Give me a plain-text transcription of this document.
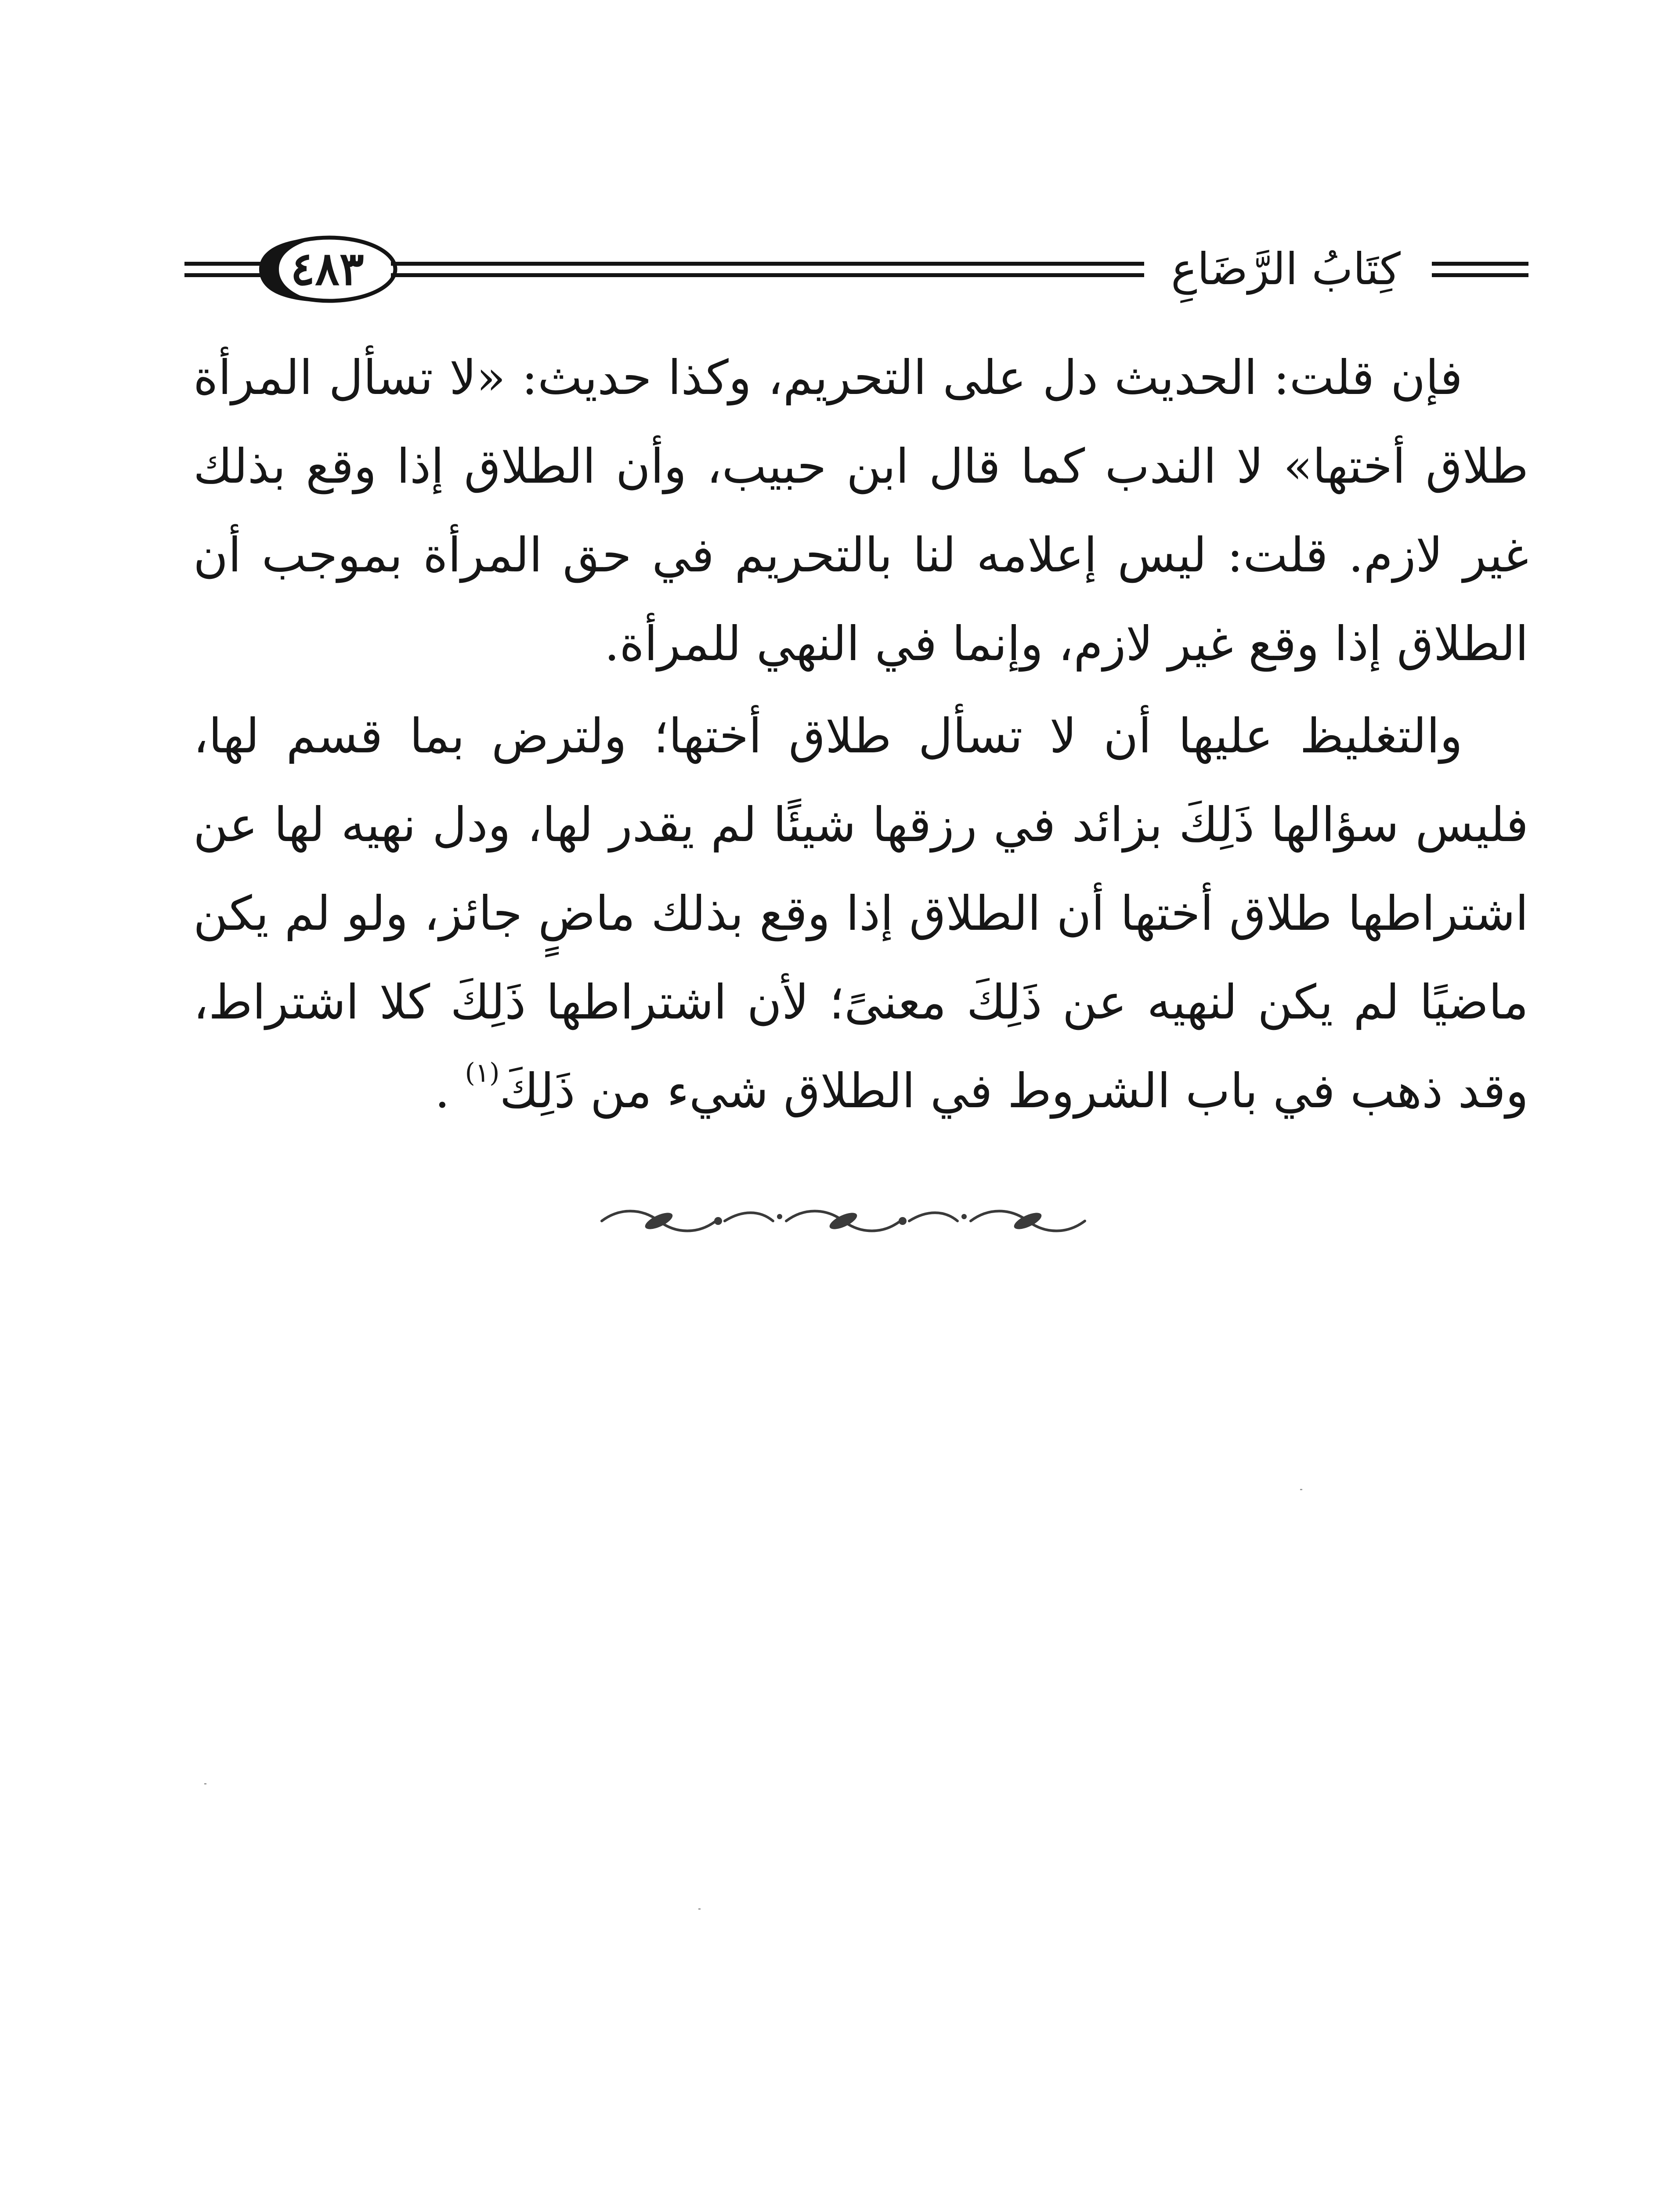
٤٨٣	كِتَابُ الرَّضَاعِ

فإن قلت: الحديث دل على التحريم، وكذا حديث: «لا تسأل المرأة طلاق أختها» لا الندب كما قال ابن حبيب، وأن الطلاق إذا وقع بذلك غير لازم. قلت: ليس إعلامه لنا بالتحريم في حق المرأة بموجب أن الطلاق إذا وقع غير لازم، وإنما في النهي للمرأة.

والتغليظ عليها أن لا تسأل طلاق أختها؛ ولترض بما قسم لها، فليس سؤالها ذَلِكَ بزائد في رزقها شيئًا لم يقدر لها، ودل نهيه لها عن اشتراطها طلاق أختها أن الطلاق إذا وقع بذلك ماضٍ جائز، ولو لم يكن ماضيًا لم يكن لنهيه عن ذَلِكَ معنىً؛ لأن اشتراطها ذَلِكَ كلا اشتراط، وقد ذهب في باب الشروط في الطلاق شيء من ذَلِكَ$^{(١)}$ .
